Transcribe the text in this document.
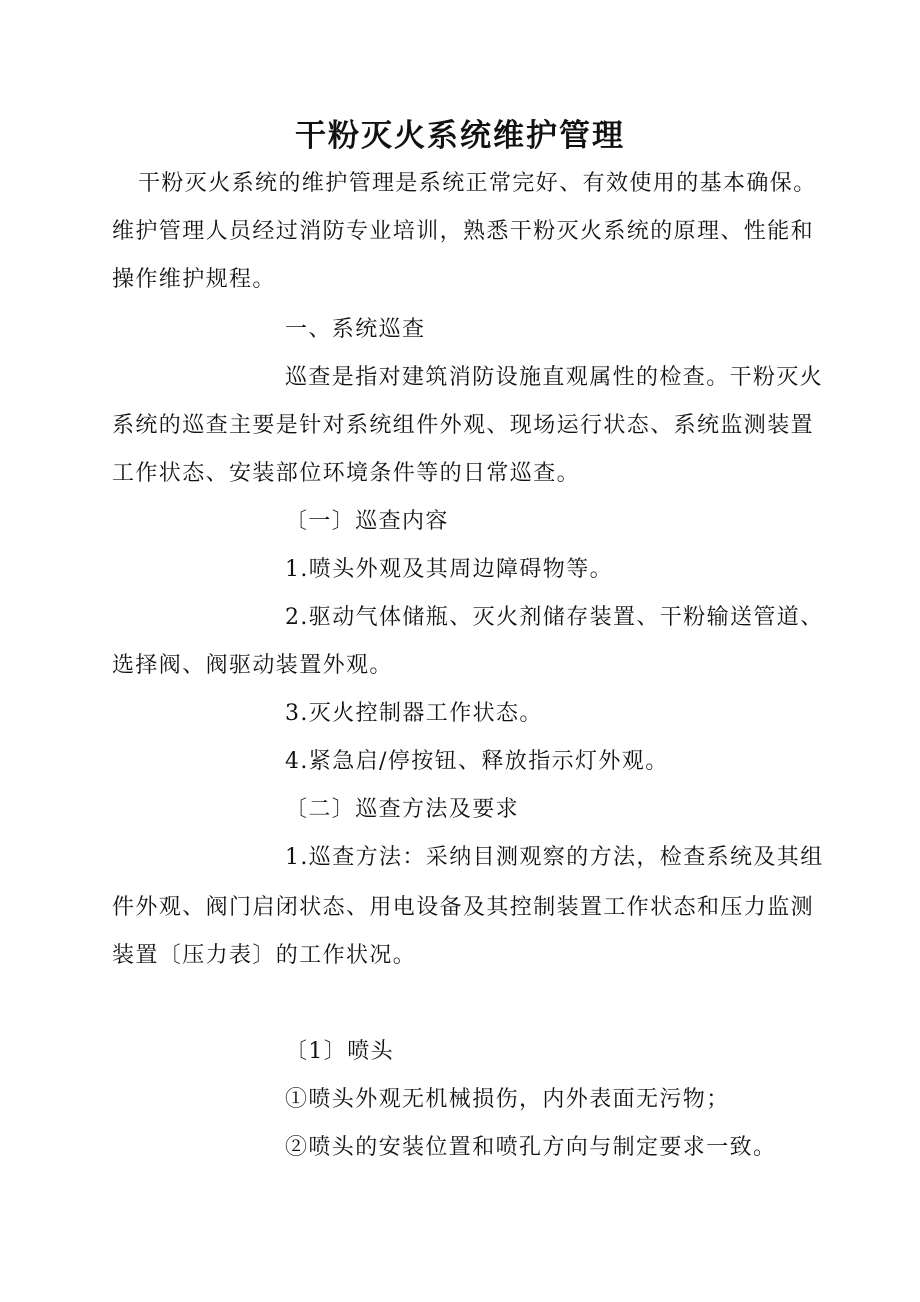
干粉灭火系统维护管理
干粉灭火系统的维护管理是系统正常完好、有效使用的基本确保。
维护管理人员经过消防专业培训，熟悉干粉灭火系统的原理、性能和
操作维护规程。
一、系统巡查
巡查是指对建筑消防设施直观属性的检查。干粉灭火
系统的巡查主要是针对系统组件外观、现场运行状态、系统监测装置
工作状态、安装部位环境条件等的日常巡查。
〔一〕巡查内容
1.喷头外观及其周边障碍物等。
2.驱动气体储瓶、灭火剂储存装置、干粉输送管道、
选择阀、阀驱动装置外观。
3.灭火控制器工作状态。
4.紧急启/停按钮、释放指示灯外观。
〔二〕巡查方法及要求
1.巡查方法：采纳目测观察的方法，检查系统及其组
件外观、阀门启闭状态、用电设备及其控制装置工作状态和压力监测
装置〔压力表〕的工作状况。
〔1〕喷头
①喷头外观无机械损伤，内外表面无污物；
②喷头的安装位置和喷孔方向与制定要求一致。
